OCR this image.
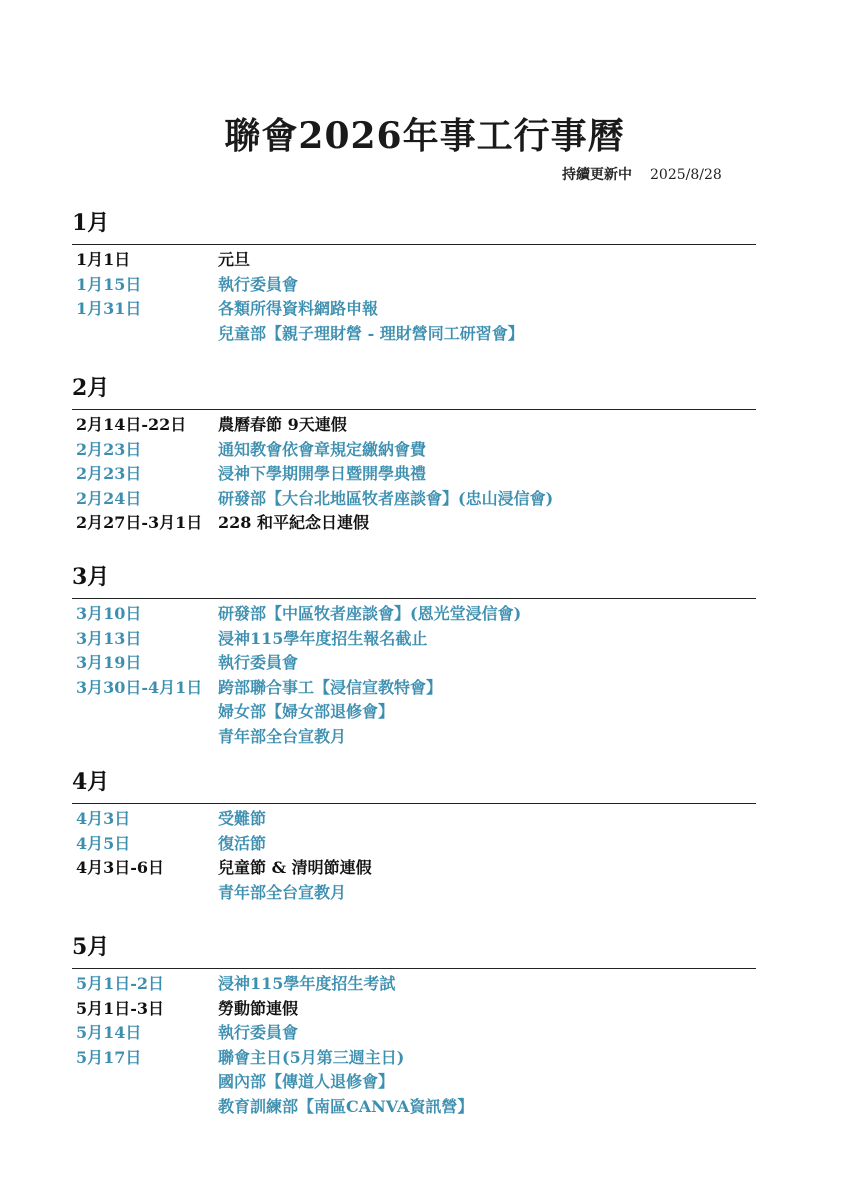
聯會2026年事工行事曆
持續更新中 2025/8/28
1月
1月1日	元旦
1月15日	執行委員會
1月31日	各類所得資料網路申報
兒童部【親子理財營 - 理財營同工研習會】
2月
2月14日-22日 農曆春節 9天連假
2月23日	通知教會依會章規定繳納會費
2月23日	浸神下學期開學日暨開學典禮
2月24日	研發部【大台北地區牧者座談會】(忠山浸信會)
2月27日-3月1日 228 和平紀念日連假
3月
3月10日	研發部【中區牧者座談會】(恩光堂浸信會)
3月13日	浸神115學年度招生報名截止
3月19日	執行委員會
3月30日-4月1日 跨部聯合事工【浸信宣教特會】
婦女部【婦女部退修會】
青年部全台宣教月
4月
4月3日	受難節
4月5日	復活節
4月3日-6日	兒童節 & 清明節連假
青年部全台宣教月
5月
5月1日-2日	浸神115學年度招生考試
5月1日-3日	勞動節連假
5月14日	執行委員會
5月17日	聯會主日(5月第三週主日)
國內部【傳道人退修會】
教育訓練部【南區CANVA資訊營】
